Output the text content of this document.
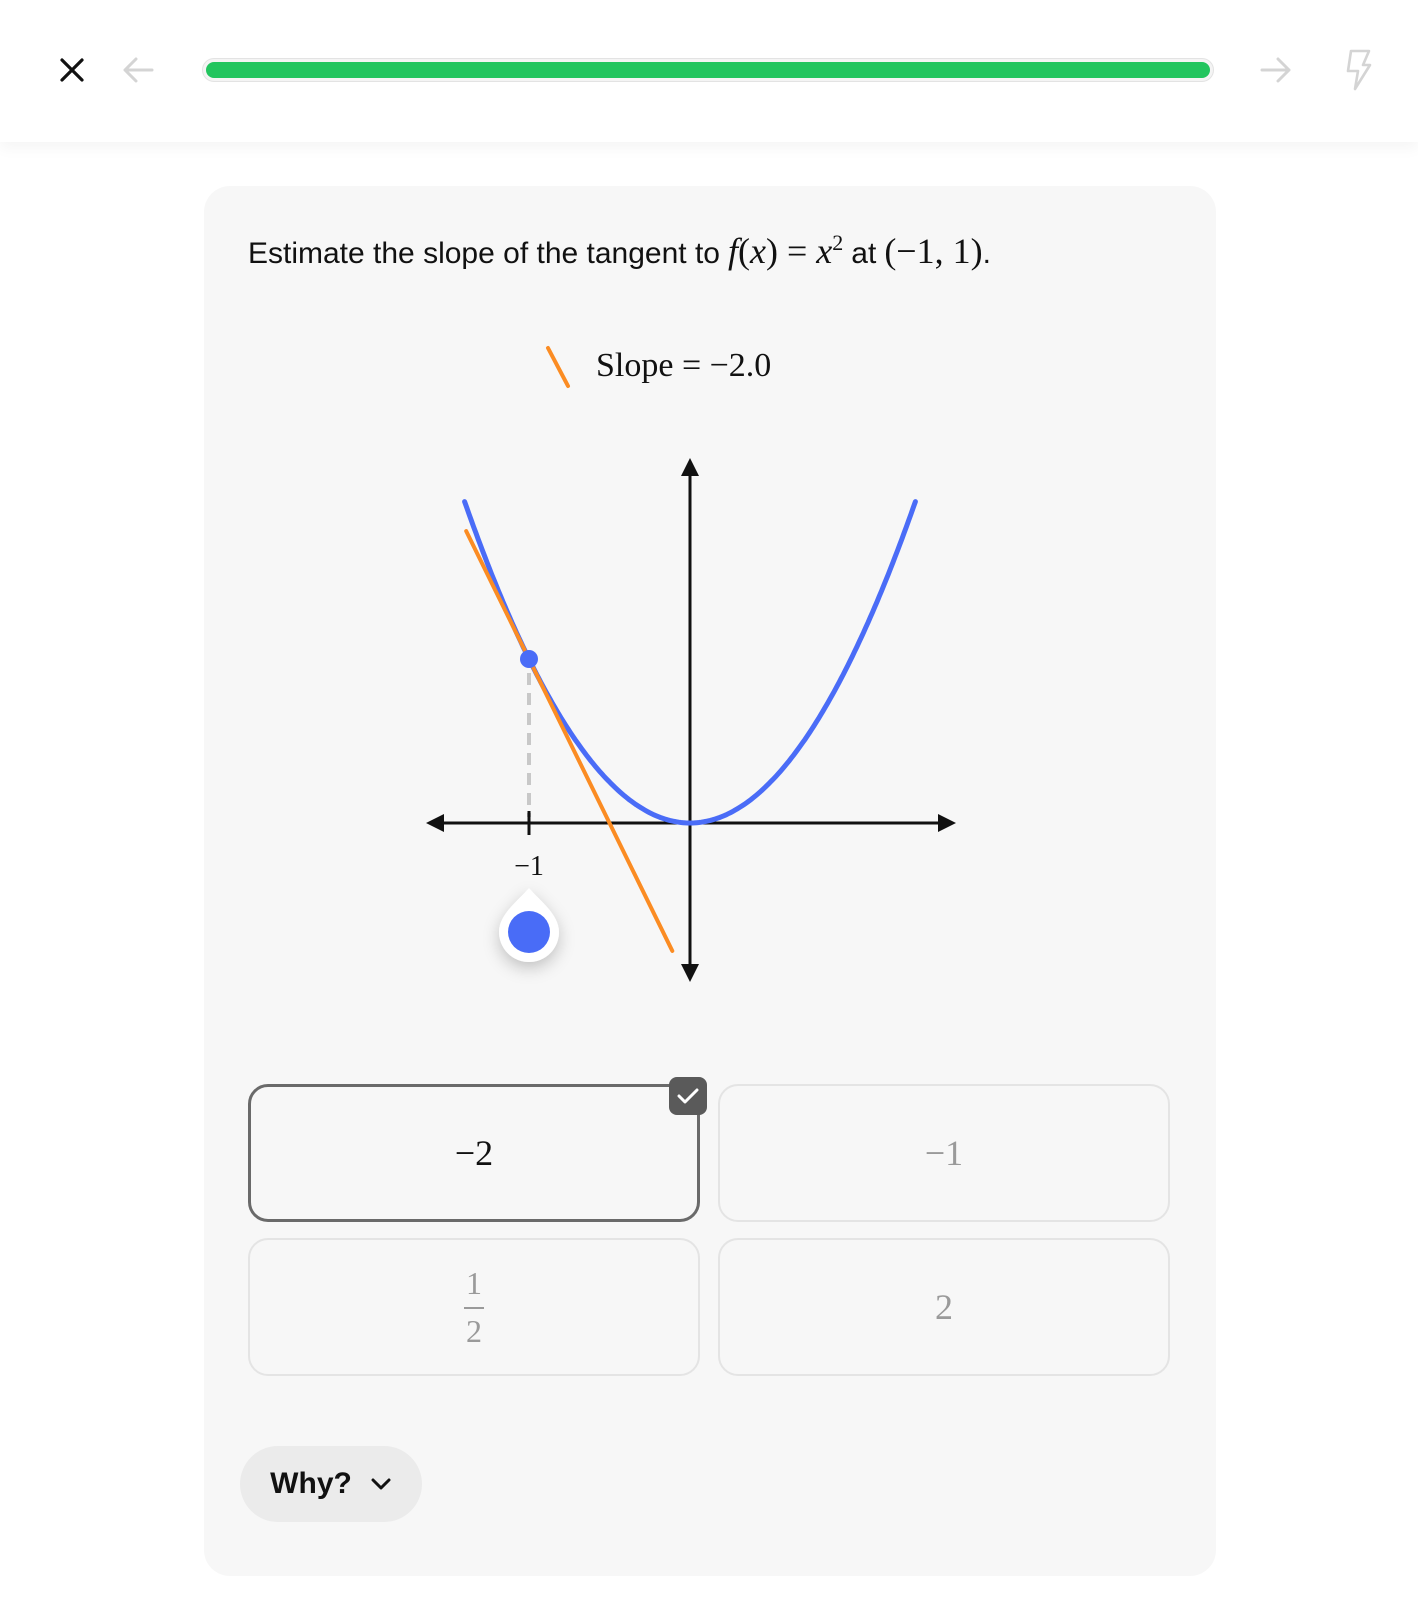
Estimate the slope of the tangent to $f(x) = x^2$ at (−1, 1) .
Slope = −2.0
−1
−2	−1
$\frac{1}{2}$	2
Why?
